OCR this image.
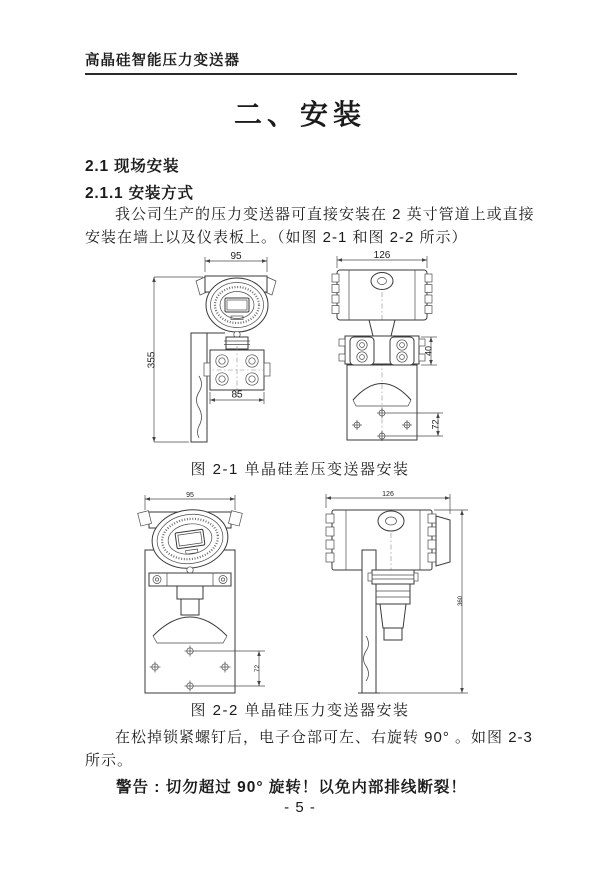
高晶硅智能压力变送器
二、安装
2.1 现场安装
2.1.1 安装方式
我公司生产的压力变送器可直接安装在 2 英寸管道上或直接
安装在墙上以及仪表板上。（如图 2-1 和图 2-2 所示）
95
355
85
126
40
72
图 2-1 单晶硅差压变送器安装
95
72
126
360
图 2-2 单晶硅压力变送器安装
在松掉锁紧螺钉后，电子仓部可左、右旋转 90° 。如图 2-3
所示。
警告 : 切勿超过 90° 旋转！以免内部排线断裂！
- 5 -
